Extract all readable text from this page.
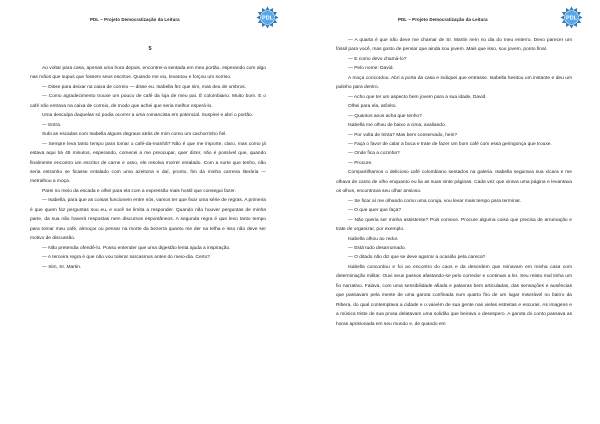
PDL – Projeto Democratização da Leitura	PDL
5

Ao voltar para casa, apenas uma hora depois, encontrei-a sentada em meu portão, esperando com algo nas mãos que supus que fossem seus escritos. Quando me viu, levantou e forçou um sorriso.

— Disse para deixar na caixa de correio — disse eu. Isabella fez que sim, mas deu de ombros.

— Como agradecimento trouxe um pouco de café da loja de meu pai. É colombiano. Muito bom. E o café não entrava na caixa de correio, de modo que achei que seria melhor esperá-lo.

Uma desculpa daquelas só podia ocorrer a uma romancista em potencial. Suspirei e abri o portão.

— Entra.

Subi as escadas com Isabella alguns degraus atrás de mim como um cachorrinho fiel.

— Sempre leva tanto tempo para tomar o café-da-manhã? Não é que me importe, claro, mas como já estava aqui há 45 minutos, esperando, comecei a me preocupar, quer dizer, não é possível que, quando finalmente encontro um escritor de carne e osso, ele resolva morrer entalado. Com a sorte que tenho, não seria estranho se ficasse entalado com uma azeitona e daí, pronto, fim da minha carreira literária — metralhou a moça.

Parei no meio da escada e olhei para ela com a expressão mais hostil que consegui fazer.

— Isabella, para que as coisas funcionem entre nós, vamos ter que fixar uma série de regras. A primeira é que quem faz perguntas sou eu, e você se limita a responder. Quando não houver perguntas de minha parte, da sua não haverá respostas nem discursos espontâneos. A segunda regra é que levo tanto tempo para tomar meu café, almoçar ou pensar na morte da bezerra quanto me der na telha e isso não deve ser motivo de discussão.

— Não pretendia ofendê-lo. Posso entender que uma digestão lenta ajuda a inspiração.

— A terceira regra é que não vou tolerar sarcasmos antes do meio-dia. Certo?

— Sim, Sr. Martin.

PDL – Projeto Democratização da Leitura	PDL

— A quarta é que não deve me chamar de Sr. Martin nem no dia do meu enterro. Devo parecer um fóssil para você, mas gosto de pensar que ainda sou jovem. Mais que isso, sou jovem, ponto final.

— E como devo chamá-lo?

— Pelo nome: David.

A moça concordou. Abri a porta da casa e indiquei que entrasse. Isabella hesitou um instante e deu um pulinho para dentro.

— Acho que ter um aspecto bem jovem para a sua idade, David.

Olhei para ela, atônito.

— Quantos anos acha que tenho?

Isabella me olhou de baixo a cima, avaliando.

— Por volta de trinta? Mas bem conservado, hein?

— Faça o favor de calar a boca e trate de fazer um bom café com essa geringonça que trouxe.

— Onde fica a cozinha?

— Procure.

Compartilhamos o delicioso café colombiano sentados na galeria. Isabella segurava sua xícara e me olhava de canto de olho enquanto eu lia as suas vinte páginas. Cada vez que virava uma página e levantava os olhos, encontrava seu olhar ansioso.

— Se ficar aí me olhando como uma coruja, vou levar mais tempo para terminar.

— O que quer que faça?

— Não queria ser minha assistente? Pois comece. Procure alguma coisa que precisa de arrumação e trate de organizar, por exemplo.

Isabella olhou ao redor.

— Está tudo desarrumado.

— O ditado não diz que se deve agarrar a ocasião pela careca?

Isabella concordou e foi ao encontro do caos e da desordem que reinavam em minha casa com determinação militar. Ouvi seus passos afastando-se pelo corredor e continuei a ler. Seu relato mal tinha um fio narrativo. Falava, com uma sensibilidade afiada e palavras bem articuladas, das sensações e ausências que passavam pela mente de uma garota confinada num quarto frio de um lugar miserável no bairro da Ribera, do qual contemplava a cidade e o vaivém de sua gente nas vielas estreitas e escuras. As imagens e a música triste de sua prosa delatavam uma solidão que beirava o desespero. A garota do conto passava as horas aprisionada em seu mundo e, de quando em
